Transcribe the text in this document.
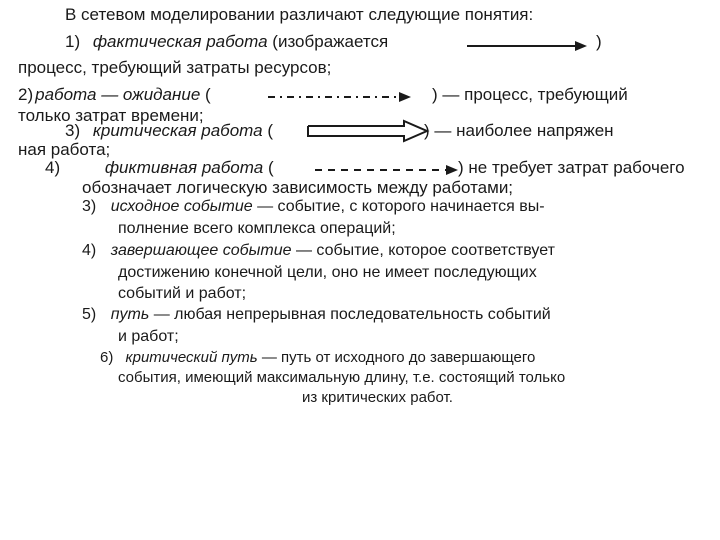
В сетевом моделировании различают следующие понятия:
1) фактическая работа (изображается	)
процесс, требующий затраты ресурсов;
2) работа — ожидание (	) — процесс, требующий
только затрат времени;
3) критическая работа (	) — наиболее напряжен
ная работа;
4)	фиктивная работа (	) не требует затрат рабочего
обозначает логическую зависимость между работами;
3) исходное событие — событие, с которого начинается вы-
полнение всего комплекса операций;
4) завершающее событие — событие, которое соответствует
достижению конечной цели, оно не имеет последующих
событий и работ;
5) путь — любая непрерывная последовательность событий
и работ;
6) критический путь — путь от исходного до завершающего
события, имеющий максимальную длину, т.е. состоящий только
из критических работ.
